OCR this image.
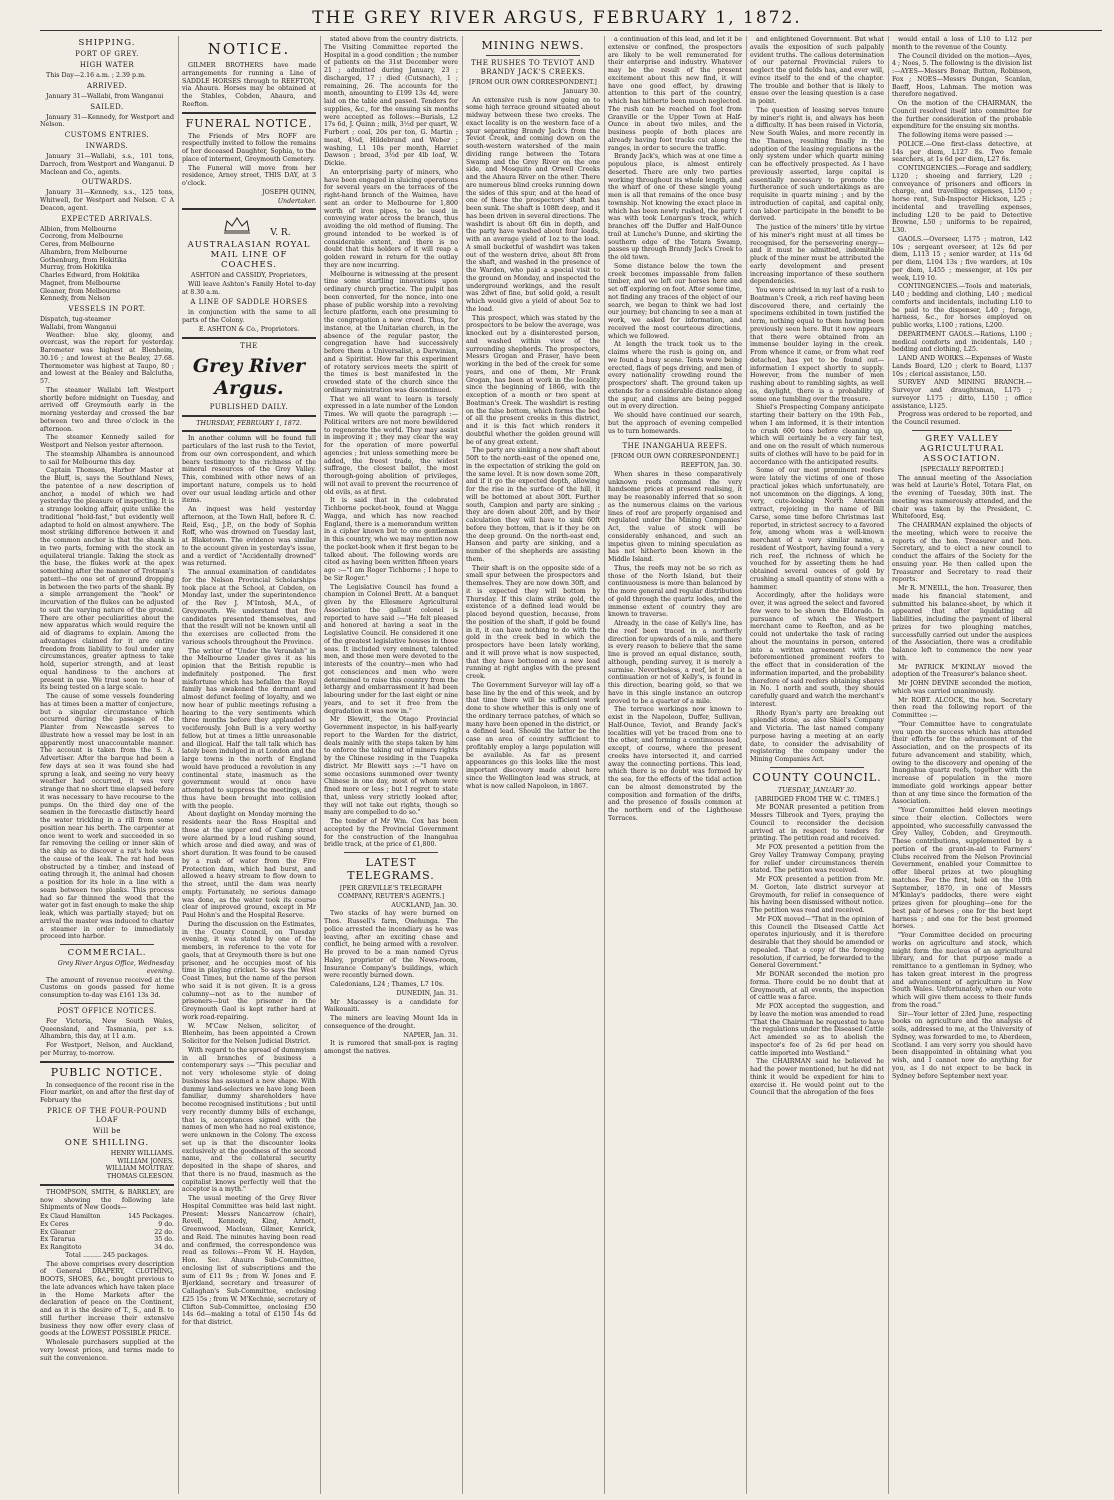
THE GREY RIVER ARGUS, FEBRUARY 1, 1872.
SHIPPING.
PORT OF GREY.
HIGH WATER

This Day—2.16 a.m. ; 2.39 p.m.

ARRIVED.

January 31—Wallabi, from Wanganui

SAILED.

January 31—Kennedy, for Westport and Nelson.

CUSTOMS ENTRIES.
INWARDS.

January 31—Wallabi, s.s., 101 tons, Darroch, from Westport and Wanganui. D Maclean and Co., agents.

OUTWARDS.

January 31—Kennedy, s.s., 125 tons, Whitwell, for Westport and Nelson. C A Deacon, agent.

EXPECTED ARRIVALS.
Albion, from Melbourne
Cocrong, from Melbourne
Ceres, from Melbourne
Alhambra, from Melbourne
Gothenburg, from Hokitika
Murray, from Hokitika
Charles Edward, from Hokitika
Magnet, from Melbourne
Gleaner, from Melbourne
Kennedy, from Nelson
VESSELS IN PORT.
Dispatch, tug-steamer
Wallabi, from Wanganui

Weather: blue sky, gloomy, and overcast, was the report for yesterday. Barometer was highest at Blenheim, 30.16 ; and lowest at the Bealey, 27.68. Thermometer was highest at Taupo, 80 ; and lowest at the Bealey and Balclutha, 57.

The steamer Wallabi left Westport shortly before midnight on Tuesday, and arrived off Greymouth early in the morning yesterday and crossed the bar between two and three o'clock in the afternoon.

The steamer Kennedy sailed for Westport and Nelson yester afternoon.

The steamship Alhambra is announced to sail for Melbourne this day.

Captain Thomson, Harbor Master at the Bluff, is, says the Southland News, the patentee of a new description of anchor, a model of which we had yesterday the pleasure of inspecting. It is a strange looking affair, quite unlike the traditional "hold-fast," but evidently well adapted to hold on almost anywhere. The most striking difference between it and the common anchor is that the shank is in two parts, forming with the stock an equilateral triangle. Taking the stock as the base, the flukes work at the apex something after the manner of Trotman's patent—the one set of ground dropping in between the two parts of the shank. By a simple arrangement the "hook" or incurvation of the flukes can be adjusted to suit the varying nature of the ground. There are other peculiarities about the new apparatus which would require the aid of diagrams to explain. Among the advantages claimed for it are entire freedom from liability to foul under any circumstances, greater aptness to take hold, superior strength, and at least equal handiness to the anchors at present in use. We trust soon to hear of its being tested on a large scale.

The cause of some vessels foundering has at times been a matter of conjecture, but a singular circumstance which occurred during the passage of the Planter from Newcastle serves to illustrate how a vessel may be lost in an apparently most unaccountable manner. The account is taken from the S. A. Advertiser. After the barque had been a few days at sea it was found she had sprung a leak, and seeing no very heavy weather had occurred, it was very strange that no short time elapsed before it was necessary to have recourse to the pumps. On the third day one of the seamen in the forecastle distinctly heard the water trickling in a rill from some position near his berth. The carpenter at once went to work and succeeded in so far removing the ceiling or inner skin of the ship as to discover a rat's hole was the cause of the leak. The rat had been obstructed by a timber, and instead of eating through it, the animal had chosen a position for its hole in a line with a seam between two planks. This process had so far thinned the wood that the water got in fast enough to make the ship leak, which was partially stayed; but on arrival the master was induced to charter a steamer in order to immediately proceed into harbor.

COMMERCIAL.

Grey River Argus Office, Wednesday evening.

The amount of revenue received at the Customs on goods passed for home consumption to-day was £161 13s 3d.

POST OFFICE NOTICES.

For Victoria, New South Wales, Queensland, and Tasmania, per s.s. Alhambra, this day, at 11 a.m.

For Westport, Nelson, and Auckland, per Murray, to-morrow.

PUBLIC NOTICE.

In consequence of the recent rise in the Flour market, on and after the first day of February the

PRICE OF THE FOUR-POUND LOAF
Will be
ONE SHILLING.
HENRY WILLIAMS.
WILLIAM JONES.
WILLIAM MOUTRAY.
THOMAS GLEESON.

THOMPSON, SMITH, & BARKLEY, are now showing the following late Shipments of New Goods—

Ex Claud Hamilton	145 Packages.
Ex Ceres	9 do.
Ex Gleaner	22 do.
Ex Tararua	35 do.
Ex Rangitoto	34 do.

Total ......... 245 packages.

The above comprises every description of General DRAPERY, CLOTHING, BOOTS, SHOES, &c., bought previous to the late advances which have taken place in the Home Markets after the declaration of peace on the Continent, and as it is the desire of T., S., and B. to still further increase their extensive business they now offer every class of goods at the LOWEST POSSIBLE PRICE.

Wholesale purchasers supplied at the very lowest prices, and terms made to suit the convenience.

NOTICE.

GILMER BROTHERS have made arrangements for running a Line of SADDLE HORSES through to REEFTON, via Ahaura. Horses may be obtained at the Stables, Cobden, Ahaura, and Reefton.

FUNERAL NOTICE.

The Friends of Mrs ROFF are respectfully invited to follow the remains of her deceased Daughter, Sophia, to the place of interment, Greymouth Cemetery.

The Funeral will move from her residence, Arney street, THIS DAY, at 3 o'clock.

JOSEPH QUINN,

Undertaker.

V. R.
AUSTRALASIAN ROYAL MAIL LINE OF COACHES.

ASHTON and CASSIDY, Proprietors,

Will leave Ashton's Family Hotel to-day at 8.30 a.m.

A LINE OF SADDLE HORSES

in conjunction with the same to all parts of the Colony.

E. ASHTON & Co., Proprietors.

THE
Grey River Argus.
PUBLISHED DAILY.

THURSDAY, FEBRUARY 1, 1872.

In another column will be found full particulars of the last rush to the Teviot, from our own correspondent, and which bears testimony to the richness of the mineral resources of the Grey Valley. This, combined with other news of an important nature, compels us to hold over our usual leading article and other items.

An inquest was held yesterday afternoon, at the Town Hall, before R. C. Reid, Esq., J.P., on the body of Sophia Roff, who was drowned on Tuesday last, at Blaketown. The evidence was similar to the account given in yesterday's issue, and a verdict of "Accidentally drowned" was returned.

The annual examination of candidates for the Nelson Provincial Scholarships took place at the School, at Cobden, on Monday last, under the superintendence of the Rev J. M'Intosh, M.A., of Greymouth. We understand that five candidates presented themselves, and that the result will not be known until all the exercises are collected from the various schools throughout the Province.

The writer of "Under the Verandah" in the Melbourne Leader gives it as his opinion that the British republic is indefinitely postponed. The first misfortune which has befallen the Royal family has awakened the dormant and almost defunct feeling of loyalty, and we now hear of public meetings refusing a hearing to the very sentiments which three months before they applauded so vociferously. John Bull is a very worthy fellow, but at times a little unreasonable and illogical. Half the tall talk which has lately been indulged in at London and the large towns in the north of England would have produced a revolution in any continental state, inasmuch as the government would at once have attempted to suppress the meetings, and thus have been brought into collision with the people.

About daylight on Monday morning the residents near the Ross Hospital and those at the upper end of Camp street were alarmed by a loud rushing sound, which arose and died away, and was of short duration. It was found to be caused by a rush of water from the Fire Protection dam, which had burst, and allowed a heavy stream to flow down to the street, until the dam was nearly empty. Fortunately, no serious damage was done, as the water took its course clear of improved ground, except in Mr Paul Hohn's and the Hospital Reserve.

During the discussion on the Estimates, in the County Council, on Tuesday evening, it was stated by one of the members, in reference to the vote for gaols, that at Greymouth there is but one prisoner, and he occupies most of his time in playing cricket. So says the West Coast Times, but the name of the person who said it is not given. It is a gross calumny—not as to the number of prisoners—but the prisoner in the Greymouth Gaol is kept rather hard at work road-repairing.

W. M'Caw Nelson, solicitor, of Blenheim, has been appointed a Crown Solicitor for the Nelson Judicial District.

With regard to the spread of dummyism in all branches of business a contemporary says :—"This peculiar and not very wholesome style of doing business has assumed a new shape. With dummy land-selectors we have long been familiar, dummy shareholders have become recognised institutions ; but until very recently dummy bills of exchange, that is, acceptances signed with the names of men who had no real existence, were unknown in the Colony. The excess set up is that the discounter looks exclusively at the goodness of the second name, and the collateral security deposited in the shape of shares, and that there is no fraud, inasmuch as the capitalist knows perfectly well that the acceptor is a myth."

The usual meeting of the Grey River Hospital Committee was held last night. Present: Messrs Nancarrow (chair), Revell, Kennedy, King, Arnott, Greenwood, Maclean, Gilmer, Kenrick, and Reid. The minutes having been read and confirmed, the correspondence was read as follows:—From W. H. Hayden, Hon. Sec. Ahaura Sub-Committee, enclosing list of subscriptions and the sum of £11 9s ; from W. Jones and F. Bjerkland, secretary and treasurer of Callaghan's Sub-Committee, enclosing £25 15s ; from W. M'Kechnie, secretary of Clifton Sub-Committee, enclosing £50 14s 6d—making a total of £150 14s 6d for that district.

stated above from the country districts. The Visiting Committee reported the Hospital in a good condition ; the number of patients on the 31st December were 21 ; admitted during January, 23 ; discharged, 17 ; died (Cutsnach), 1 ; remaining, 26. The accounts for the month, amounting to £199 13s 4d, were laid on the table and passed. Tenders for supplies, &c., for the ensuing six months were accepted as follows:—Burials, L2 17s 6d, J. Quinn ; milk, 3½d per quart, W. Furbert ; coal, 20s per ton, G. Martin ; meat, 4¾d, Hildebrand and Weber ; washing, L1 10s per month, Harriet Dawson ; bread, 3½d per 4lb loaf, W. Dickie.

An enterprising party of miners, who have been engaged in sluicing operations for several years on the terraces of the right-hand branch of the Waimea, have sent an order to Melbourne for 1,800 worth of iron pipes, to be used in conveying water across the branch, thus avoiding the old method of fluming. The ground intended to be worked is of considerable extent, and there is no doubt that this holders of it will reap a golden reward in return for the outlay they are now incurring.

Melbourne is witnessing at the present time some startling innovations upon ordinary church practice. The pulpit has been converted, for the nonce, into one phase of public worship into a revolving lecture platform, each one presuming to the congregation a new creed. Thus, for instance, at the Unitarian church, in the absence of the regular pastor, the congregation have had successively before them a Universalist, a Darwinian, and a Spiritist. How far this experiment of rotatory services meets the spirit of the times is best manifested in the crowded state of the church since the ordinary ministration was discontinued.

That we all want to learn is tersely expressed in a late number of the London Times. We will quote the paragraph :— Political writers are not more bewildered to regenerate the world. They may assist in improving it ; they may clear the way for the operation of more powerful agencies ; but unless something more be added, the freest trade, the widest suffrage, the closest ballot, the most thorough-going abolition of privileges, will not avail to prevent the recurrence of old evils, as at first.

It is said that in the celebrated Tichborne pocket-book, found at Wagga Wagga, and which has now reached England, there is a memorandum written in a cipher known but to one gentleman in this country, who we may mention now the pocket-book when it first began to be talked about. The following words are cited as having been written fifteen years ago :—"I am Roger Tichborne ; I hope to be Sir Roger."

The Legislative Council has found a champion in Colonel Brett. At a banquet given by the Ellesmere Agricultural Association the gallant colonel is reported to have said :—"He felt pleased and honored at having a seat in the Legislative Council. He considered it one of the greatest legislative houses in those seas. It included very eminent, talented men, and those men were devoted to the interests of the country—men who had got consciences and men who were determined to raise this country from the lethargy and embarrassment it had been labouring under for the last eight or nine years, and to set it free from the degradation it was now in."

Mr Blewitt, the Otago Provincial Government inspector, in his half-yearly report to the Warden for the district, deals mainly with the steps taken by him to enforce the taking out of miners rights by the Chinese residing in the Tuapeka district. Mr Blewitt says :—"I have on some occasions summoned over twenty Chinese in one day, most of whom were fined more or less ; but I regret to state that, unless very strictly looked after, they will not take out rights, though so many are compelled to do so."

The tender of Mr Wm. Cox has been accepted by the Provincial Government for the construction of the Inangahua bridle track, at the price of £1,800.

LATEST TELEGRAMS.

[PER GREVILLE'S TELEGRAPH COMPANY, REUTER'S AGENTS.]

AUCKLAND, Jan. 30.

Two stacks of hay were burned on Thos. Russell's farm, Onehunga. The police arrested the incendiary as he was leaving, after an exciting chase and conflict, he being armed with a revolver. He proved to be a man named Cyrus Haley, proprietor of the News-room, Insurance Company's buildings, which were recently burned down.

Caledonians, L24 ; Thames, L7 10s.

DUNEDIN, Jan. 31.

Mr Macassey is a candidate for Waikouaiti.

The miners are leaving Mount Ida in consequence of the drought.

NAPIER, Jan. 31.

It is rumored that small-pox is raging amongst the natives.

MINING NEWS.
THE RUSHES TO TEVIOT AND BRANDY JACK'S CREEKS.

[FROM OUR OWN CORRESPONDENT.]

January 30.

An extensive rush is now going on to some high terrace ground situated about midway between these two creeks. The exact locality is on the western face of a spur separating Brandy Jack's from the Teviot Creek, and coming down on the south-western watershed of the main dividing range between the Totara Swamp and the Grey River on the one side, and Mosquito and Orwell Creeks and the Ahaura River on the other. There are numerous blind creeks running down the sides of this spur, and at the head of one of these the prospectors' shaft has been sunk. The shaft is 108ft deep, and it has been driven in several directions. The washdirt is about 6ft 6in in depth, and the party have washed about four loads, with an average yield of 1oz to the load. A small bucketful of washdirt was taken out of the western drive, about 8ft from the shaft, and washed in the presence of the Warden, who paid a special visit to the ground on Monday, and inspected the underground workings, and the result was 2dwt of fine, but solid gold, a result which would give a yield of about 5oz to the load.

This prospect, which was stated by the prospectors to be below the average, was knocked out by a disinterested person, and washed within view of the surrounding shepherds. The prospectors, Messrs Grogan and Fraser, have been working in the bed of the creek for some years, and one of them, Mr Frank Grogan, has been at work in the locality since the beginning of 1866, with the exception of a month or two spent at Boatman's Creek. The washdirt is resting on the false bottom, which forms the bed of all the present creeks in this district, and it is this fact which renders it doubtful whether the golden ground will be of any great extent.

The party are sinking a new shaft about 50ft to the north-east of the opened one, in the expectation of striking the gold on the same level. It is now down some 20ft, and if it go the expected depth, allowing for the rise in the surface of the hill, it will be bottomed at about 30ft. Further south, Campion and party are sinking ; they are down about 20ft, and by their calculation they will have to sink 60ft before they bottom, that is if they be on the deep ground. On the north-east end, Hanson and party are sinking, and a number of the shepherds are assisting them.

Their shaft is on the opposite side of a small spur between the prospectors and themselves. They are now down 30ft, and it is expected they will bottom by Thursday. If this claim strike gold, the existence of a defined lead would be placed beyond question, because, from the position of the shaft, if gold be found in it, it can have nothing to do with the gold in the creek bed in which the prospectors have been lately working, and it will prove what is now suspected, that they have bottomed on a new lead running at right angles with the present creek.

The Government Surveyor will lay off a base line by the end of this week, and by that time there will be sufficient work done to show whether this is only one of the ordinary terrace patches, of which so many have been opened in the district, or a defined lead. Should the latter be the case an area of country sufficient to profitably employ a large population will be available. As far as present appearances go this looks like the most important discovery made about here since the Wellington lead was struck, at what is now called Napoleon, in 1867.

a continuation of this lead, and let it be extensive or confined, the prospectors are likely to be well remunerated for their enterprise and industry. Whatever may be the result of the present excitement about this new find, it will have one good effect, by drawing attention to this part of the country, which has hitherto been much neglected. The rush can be reached on foot from Granville or the Upper Town at Half-Ounce in about two miles, and the business people of both places are already having foot tracks cut along the ranges, in order to secure the traffic.

Brandy Jack's, which was at one time a populous place, is almost entirely deserted. There are only two parties working throughout its whole length, and the wharf of one of these single young men is all that remains of the once busy township. Not knowing the exact place in which has been newly rushed, the party I was with took Lonargan's track, which branches off the Duffer and Half-Ounce trail at Lunche's Dunne, and skirting the southern edge of the Totara Swamp, passes up through Brandy Jack's Creek to the old town.

Some distance below the town the creek becomes impassable from fallen timber, and we left our horses here and set off exploring on foot. After some time, not finding any traces of the object of our search, we began to think we had lost our journey; but chancing to see a man at work, we asked for information, and received the most courteous directions, which we followed.

At length the track took us to the claims where the rush is going on, and we found a busy scene. Tents were being erected, flags of pegs driving, and men of every nationality crowding round the prospectors' shaft. The ground taken up extends for a considerable distance along the spur, and claims are being pegged out in every direction.

We should have continued our search, but the approach of evening compelled us to turn homewards.

THE INANGAHUA REEFS.

[FROM OUR OWN CORRESPONDENT.]

REEFTON, Jan. 30.

When shares in these comparatively unknown reefs command the very handsome prices at present realising, it may be reasonably inferred that so soon as the numerous claims on the various lines of reef are properly organised and regulated under the Mining Companies' Act, the value of stock will be considerably enhanced, and such an impetus given to mining speculation as has not hitherto been known in the Middle Island.

Thus, the reefs may not be so rich as those of the North Island, but their continuousness is more than balanced by the more general and regular distribution of gold through the quartz lodes, and the immense extent of country they are known to traverse.

Already, in the case of Kelly's line, has the reef been traced in a northerly direction for upwards of a mile, and there is every reason to believe that the same line is proved an equal distance, south, although, pending survey, it is merely a surmise. Nevertheless, a reef, let it be a continuation or not of Kelly's, is found in this direction, bearing gold, so that we have in this single instance an outcrop proved to be a quarter of a mile.

The terrace workings now known to exist in the Napoleon, Duffer, Sullivan, Half-Ounce, Teviot, and Brandy Jack's localities will yet be traced from one to the other, and forming a continuous lead, except, of course, where the present creeks have intersected it, and carried away the connecting portions. This lead, which there is no doubt was formed by the sea, for the effects of the tidal action can be almost demonstrated by the composition and formation of the drifts, and the presence of fossils common at the northern end of the Lighthouse Terraces.

and enlightened Government. But what avails the exposition of such palpably evident truths. The callous determination of our paternal Provincial rulers to neglect the gold fields has, and ever will, evince itself to the end of the chapter. The trouble and bother that is likely to ensue over the leasing question is a case in point.

The question of leasing serves tenure by miner's right is, and always has been a difficulty. It has been raised in Victoria, New South Wales, and more recently in the Thames, resulting finally in the adoption of the leasing regulations as the only system under which quartz mining can be effectively prospected. As I have previously asserted, large capital is essentially necessary to promote the furtherance of such undertakings as are requisite in quartz mining ; and by the introduction of capital, and capital only, can labor participate in the benefit to be derived.

The justice of the miners' title by virtue of his miner's right must at all times be recognised, for the persevering energy—and it must be admitted, indomitable pluck of the miner must be attributed the early development and present increasing importance of these southern dependencies.

You were advised in my last of a rush to Boatman's Creek, a rich reef having been discovered there, and certainly the specimens exhibited in town justified the term, nothing equal to them having been previously seen here. But it now appears that there were obtained from an immense boulder laying in the creek. From whence it came, or from what reef detached, has yet to be found out—information I expect shortly to supply. However, from the number of men rushing about to rambling sights, as well as, daylight, there is a probability of some one tumbling over the treasure.

Shiel's Prospecting Company anticipate starting their battery on the 19th Feb., when I am informed, it is their intention to crush 600 tons before cleaning up, which will certainly be a very fair test, and one on the result of which numerous suits of clothes will have to be paid for in accordance with the anticipated results.

Some of our most prominent reefers were lately the victims of one of those practical jokes which unfortunately, are not uncommon on the diggings. A long, very, cute-looking North American extract, rejoicing in the name of Bill Carse, some time before Christmas last reported, in strictest secrecy to a favored few, among whom was a well-known merchant of a very similar name, a resident of Westport, having found a very rich reef, the richness of which he vouched for by asserting them he had obtained several ounces of gold by crushing a small quantity of stone with a hammer.

Accordingly, after the holidays were over, it was agreed the select and favored few were to be shown the Eldorado. In pursuance of which the Westport merchant came to Reefton, and as he could not undertake the task of racing about the mountains in person, entered into a written agreement with the beforementioned prominent reefers to the effect that in consideration of the information imparted, and the probability therefore of said reefers obtaining shares in No. 1 north and south, they should carefully guard and watch the merchant's interest.

Rhody Ryan's party are breaking out splendid stone, as also Shiel's Company and Victoria. The last named company purpose having a meeting at an early date, to consider the advisability of registering the company under the Mining Companies Act.

COUNTY COUNCIL.

TUESDAY, JANUARY 30.

[ABRIDGED FROM THE W. C. TIMES.]

Mr BONAR presented a petition from Messrs Tilbrook and Tyers, praying the Council to reconsider the decision arrived at in respect to tenders for printing. The petition read and received.

Mr FOX presented a petition from the Grey Valley Tramway Company, praying for relief under circumstances therein stated. The petition was received.

Mr FOX presented a petition from Mr. M. Gorton, late district surveyor at Greymouth, for relief in consequence of his having been dismissed without notice. The petition was read and received.

Mr FOX moved—"That in the opinion of this Council the Diseased Cattle Act operates injuriously, and it is therefore desirable that they should be amended or repealed. That a copy of the foregoing resolution, if carried, be forwarded to the General Government."

Mr BONAR seconded the motion pro forma. There could be no doubt that at Greymouth, at all events, the inspection of cattle was a farce.

Mr FOX accepted the suggestion, and by leave the motion was amended to read "That the Chairman be requested to have the regulations under the Diseased Cattle Act amended so as to abolish the inspector's fee of 2s 6d per head on cattle imported into Westland."

The CHAIRMAN said he believed he had the power mentioned, but he did not think it would be expedient for him to exercise it. He would point out to the Council that the abrogation of the fees

would entail a loss of L10 to L12 per month to the revenue of the County.

The Council divided on the motion—Ayes, 4 ; Noes, 5. The following is the division list :—AYES—Messrs Bonar, Button, Robinson, Fox ; NOES—Messrs Dungan, Scanlan, Baeff, Hoos, Lahman. The motion was therefore negatived.

On the motion of the CHAIRMAN, the Council resolved itself into committee for the further consideration of the probable expenditure for the ensuing six months.

The following items were passed :—

POLICE.—One first-class detective, at 14s per diem, L127 8s. Two female searchers, at 1s 6d per diem, L27 6s.

CONTINGENCIES.—Forage and saddlery, L120 ; shoeing and farriery, L20 ; conveyance of prisoners and officers in charge, and travelling expenses, L150 ; horse rent, Sub-Inspector Hickson, L25 ; incidental and travelling expenses, including L20 to be paid to Detective Browne, L50 ; uniforms to be repaired, L30.

GAOLS.—Overseer, L175 ; matron, L42 10s ; sergeant overseer, at 12s 6d per diem, L113 15 ; senior warder, at 11s 6d per diem, L104 13s ; five warders, at 10s per diem, L455 ; messenger, at 10s per week, L19 10.

CONTINGENCIES.—Tools and materials, L40 ; bedding and clothing, L40 ; medical comforts and incidentals, including L10 to be paid to the dispenser, L40 ; forage, harness, &c., for horses employed on public works, L100 ; rations, L200.

DEPARTMENT GAOLS.—Rations, L100 ; medical comforts and incidentals, L40 ; bedding and clothing, L25.

LAND AND WORKS.—Expenses of Waste Lands Board, L20 ; clerk to Board, L137 10s ; clerical assistance, L50.

SURVEY AND MINING BRANCH.—Surveyor and draughtsman, L175 ; surveyor L175 ; ditto, L150 ; office assistance, L125.

Progress was ordered to be reported, and the Council resumed.

GREY VALLEY AGRICULTURAL ASSOCIATION.

[SPECIALLY REPORTED.]

The annual meeting of the Association was held at Laurie's Hotel, Totara Flat, on the evening of Tuesday, 30th inst. The meeting was numerously attended, and the chair was taken by the President, C. Whitefoord, Esq.

The CHAIRMAN explained the objects of the meeting, which were to receive the reports of the hon. Treasurer and hon. Secretary, and to elect a new council to conduct the affairs of the Society for the ensuing year. He then called upon the Treasurer and Secretary to read their reports.

Mr R. M'NEILL, the hon. Treasurer, then made his financial statement, and submitted his balance-sheet, by which it appeared that after liquidating all liabilities, including the payment of liberal prizes for two ploughing matches, successfully carried out under the auspices of the Association, there was a creditable balance left to commence the new year with.

Mr PATRICK M'KINLAY moved the adoption of the Treasurer's balance sheet.

Mr JOHN DEVINE seconded the motion, which was carried unanimously.

Mr ROBT. ALCOCK, the hon. Secretary then read the following report of the Committee :—

"Your Committee have to congratulate you upon the success which has attended their efforts for the advancement of the Association, and on the prospects of its future advancement and stability, which, owing to the discovery and opening of the Inangahua quartz reefs, together with the increase of population in the more immediate gold workings appear better than at any time since the formation of the Association.

"Your Committee held eleven meetings since their election. Collectors were appointed, who successfully canvassed the Grey Valley, Cobden, and Greymouth. These contributions, supplemented by a portion of the grant-in-aid to Farmers' Clubs received from the Nelson Provincial Government, enabled your Committee to offer liberal prizes at two ploughing matches. For the first, held on the 10th September, 1870, in one of Messrs M'Kinlay's paddocks, there were eight prizes given for ploughing—one for the best pair of horses ; one for the best kept harness ; and one for the best groomed horses.

"Your Committee decided on procuring works on agriculture and stock, which might form the nucleus of an agricultural library, and for that purpose made a remittance to a gentleman in Sydney, who has taken great interest in the progress and advancement of agriculture in New South Wales. Unfortunately, when our vote which will give them access to their funds from the road."

Sir—Your letter of 23rd June, respecting books on agriculture and the analysis of soils, addressed to me, at the University of Sydney, was forwarded to me, to Aberdeen, Scotland. I am very sorry you should have been disappointed in obtaining what you wish, and I cannot now do anything for you, as I do not expect to be back in Sydney before September next year.
